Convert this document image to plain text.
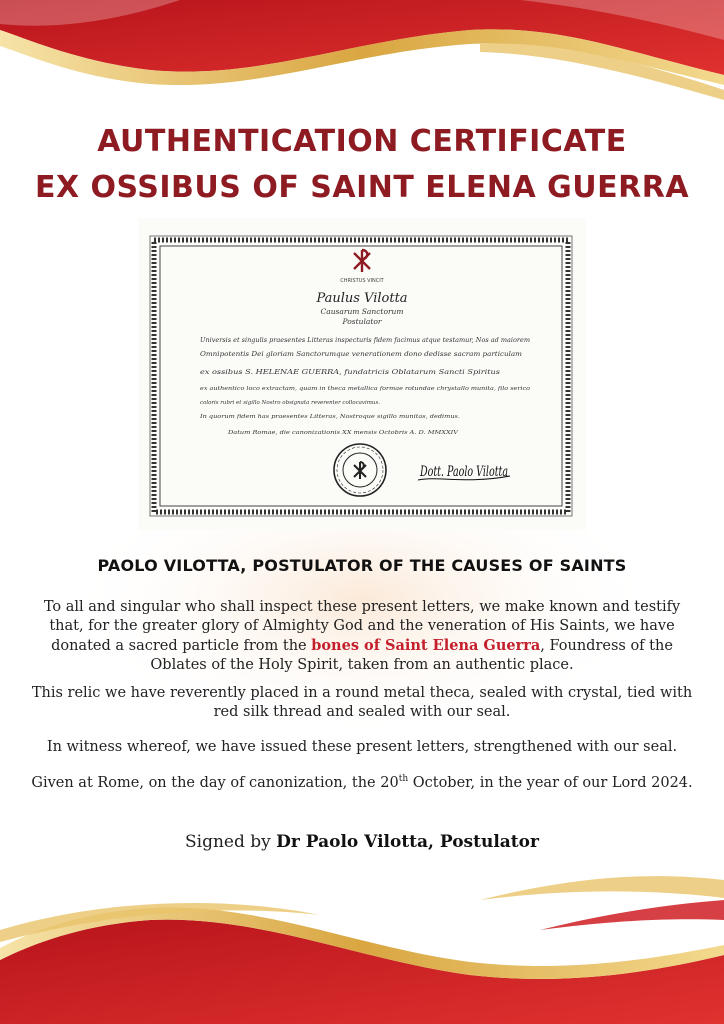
AUTHENTICATION CERTIFICATE
EX OSSIBUS OF SAINT ELENA GUERRA
CHRISTUS VINCIT
Paulus Vilotta
Causarum Sanctorum
Postulator
Universis et singulis praesentes Litteras inspecturis fidem facimus atque testamur, Nos ad maiorem
Omnipotentis Dei gloriam Sanctorumque venerationem dono dedisse sacram particulam
ex ossibus S. HELENAE GUERRA, fundatricis Oblatarum Sancti Spiritus
ex authentico loco extractam, quam in theca metallica formae rotundae chrystallo munita, filo serico
coloris rubri et sigillo Nostro obsignata reverenter collocavimus.
In quorum fidem has praesentes Litteras, Nostroque sigillo munitas, dedimus.
Datum Romae, die canonizationis XX mensis Octobris A. D. MMXXIV
Dott. Paolo Vilotta
PAOLO VILOTTA, POSTULATOR OF THE CAUSES OF SAINTS
To all and singular who shall inspect these present letters, we make known and testify that, for the greater glory of Almighty God and the veneration of His Saints, we have donated a sacred particle from the bones of Saint Elena Guerra, Foundress of the Oblates of the Holy Spirit, taken from an authentic place.
This relic we have reverently placed in a round metal theca, sealed with crystal, tied with red silk thread and sealed with our seal.
In witness whereof, we have issued these present letters, strengthened with our seal.
Given at Rome, on the day of canonization, the 20th October, in the year of our Lord 2024.
Signed by Dr Paolo Vilotta, Postulator
